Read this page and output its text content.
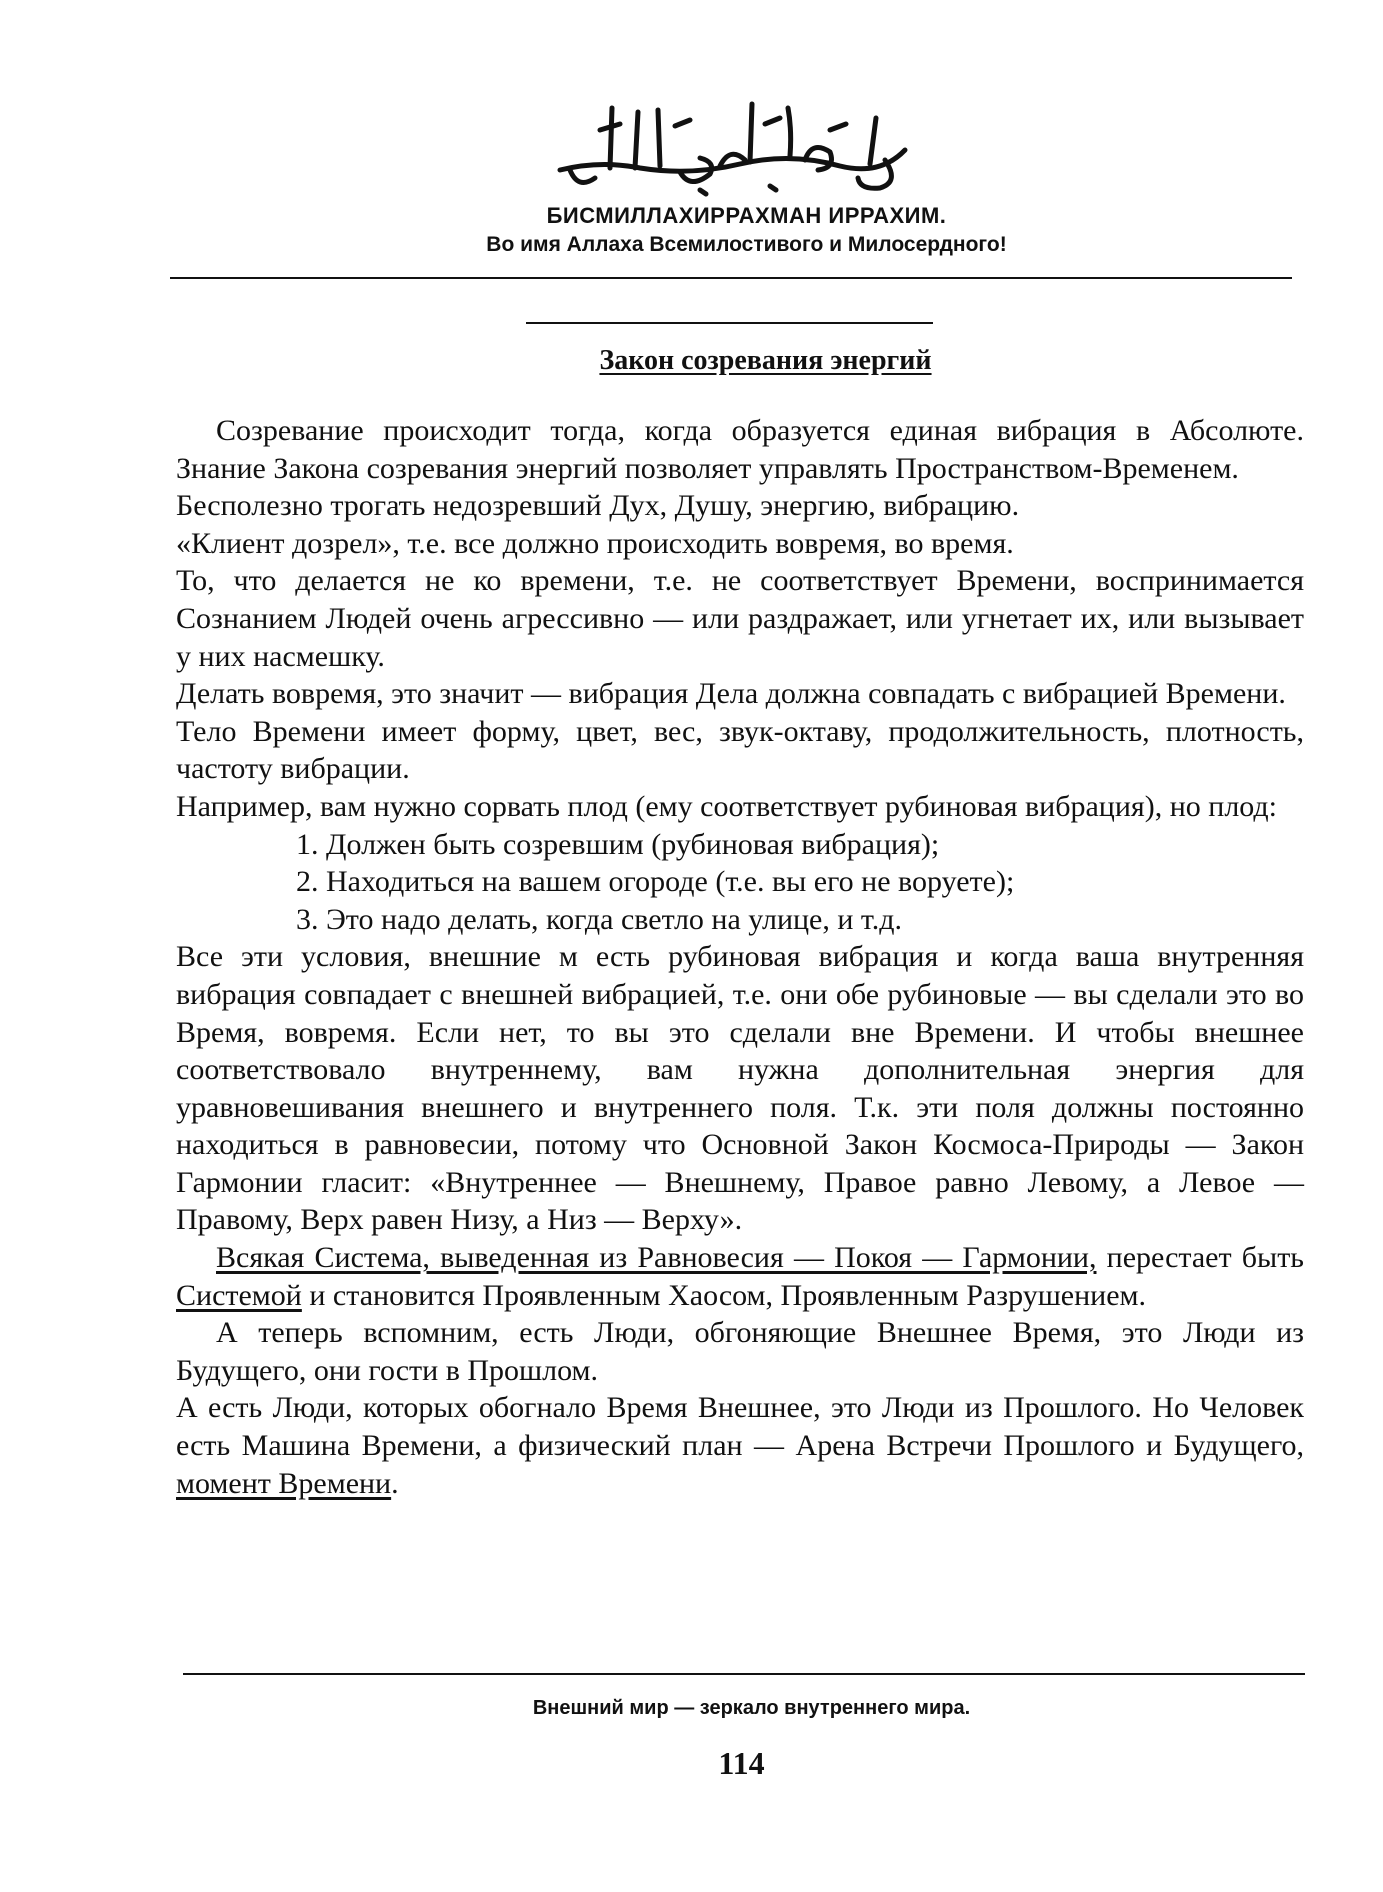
БИСМИЛЛАХИРРАХМАН ИРРАХИМ.
Во имя Аллаха Всемилостивого и Милосердного!
Закон созревания энергий

Созревание происходит тогда, когда образуется единая вибрация в Абсолюте. Знание Закона созревания энергий позволяет управлять Пространством-Временем.

Бесполезно трогать недозревший Дух, Душу, энергию, вибрацию.

«Клиент дозрел», т.е. все должно происходить вовремя, во время.

То, что делается не ко времени, т.е. не соответствует Времени, воспринимается Сознанием Людей очень агрессивно — или раздражает, или угнетает их, или вызывает у них насмешку.

Делать вовремя, это значит — вибрация Дела должна совпадать с вибрацией Времени.

Тело Времени имеет форму, цвет, вес, звук-октаву, продолжительность, плотность, частоту вибрации.

Например, вам нужно сорвать плод (ему соответствует рубиновая вибрация), но плод:

1. Должен быть созревшим (рубиновая вибрация);

2. Находиться на вашем огороде (т.е. вы его не воруете);

3. Это надо делать, когда светло на улице, и т.д.

Все эти условия, внешние м есть рубиновая вибрация и когда ваша внутренняя вибрация совпадает с внешней вибрацией, т.е. они обе рубиновые — вы сделали это во Время, вовремя. Если нет, то вы это сделали вне Времени. И чтобы внешнее соответствовало внутреннему, вам нужна дополнительная энергия для уравновешивания внешнего и внутреннего поля. Т.к. эти поля должны постоянно находиться в равновесии, потому что Основной Закон Космоса-Природы — Закон Гармонии гласит: «Внутреннее — Внешнему, Правое равно Левому, а Левое — Правому, Верх равен Низу, а Низ — Верху».

Всякая Система, выведенная из Равновесия — Покоя — Гармонии, перестает быть Системой и становится Проявленным Хаосом, Проявленным Разрушением.

А теперь вспомним, есть Люди, обгоняющие Внешнее Время, это Люди из Будущего, они гости в Прошлом.

А есть Люди, которых обогнало Время Внешнее, это Люди из Прошлого. Но Человек есть Машина Времени, а физический план — Арена Встречи Прошлого и Будущего, момент Времени.

Внешний мир — зеркало внутреннего мира.
114
